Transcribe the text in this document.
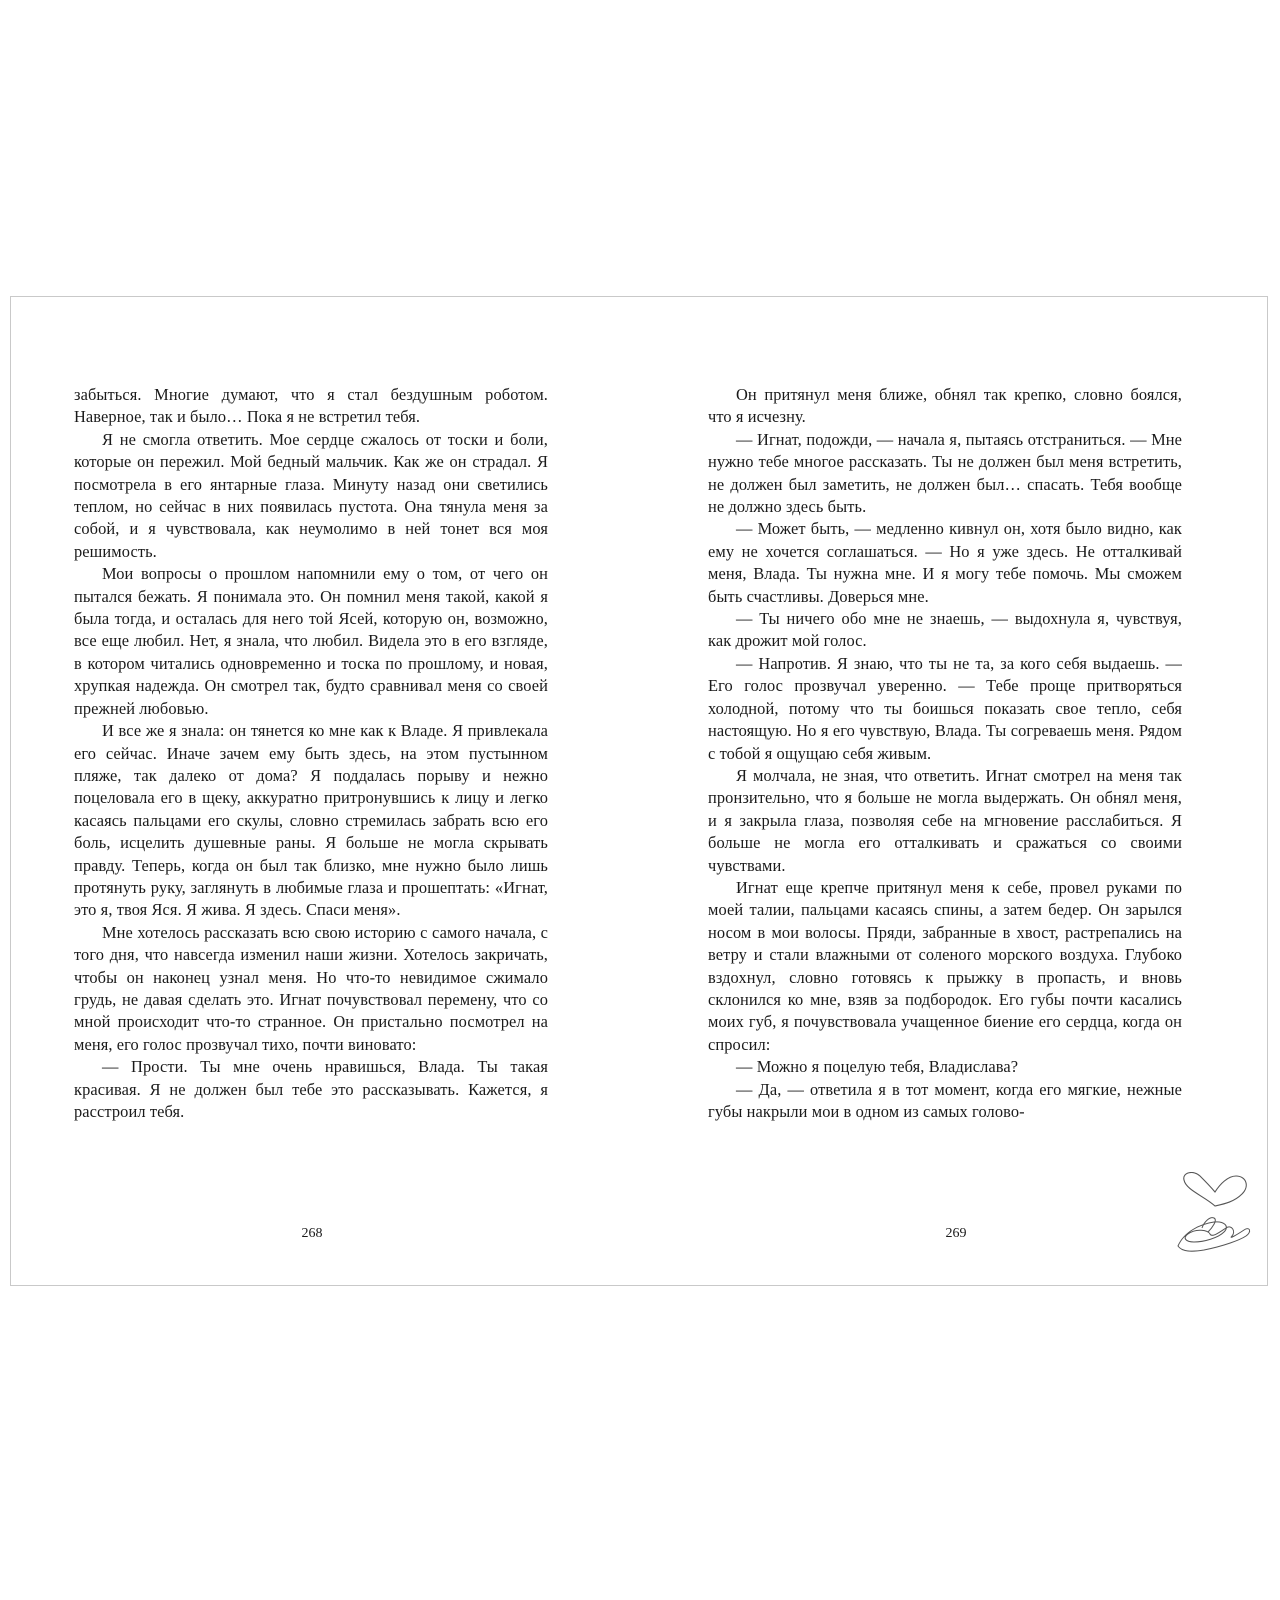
забыться. Многие думают, что я стал бездушным роботом. Наверное, так и было… Пока я не встретил тебя.

Я не смогла ответить. Мое сердце сжалось от тоски и боли, которые он пережил. Мой бедный мальчик. Как же он страдал. Я посмотрела в его янтарные глаза. Минуту назад они светились теплом, но сейчас в них появилась пустота. Она тянула меня за собой, и я чувствовала, как неумолимо в ней тонет вся моя решимость.

Мои вопросы о прошлом напомнили ему о том, от чего он пытался бежать. Я понимала это. Он помнил меня такой, какой я была тогда, и осталась для него той Ясей, которую он, возможно, все еще любил. Нет, я знала, что любил. Видела это в его взгляде, в котором читались одновременно и тоска по прошлому, и новая, хрупкая надежда. Он смотрел так, будто сравнивал меня со своей прежней любовью.

И все же я знала: он тянется ко мне как к Владе. Я привлекала его сейчас. Иначе зачем ему быть здесь, на этом пустынном пляже, так далеко от дома? Я поддалась порыву и нежно поцеловала его в щеку, аккуратно притронувшись к лицу и легко касаясь пальцами его скулы, словно стремилась забрать всю его боль, исцелить душевные раны. Я больше не могла скрывать правду. Теперь, когда он был так близко, мне нужно было лишь протянуть руку, заглянуть в любимые глаза и прошептать: «Игнат, это я, твоя Яся. Я жива. Я здесь. Спаси меня».

Мне хотелось рассказать всю свою историю с самого начала, с того дня, что навсегда изменил наши жизни. Хотелось закричать, чтобы он наконец узнал меня. Но что-то невидимое сжимало грудь, не давая сделать это. Игнат почувствовал перемену, что со мной происходит что-то странное. Он пристально посмотрел на меня, его голос прозвучал тихо, почти виновато:

— Прости. Ты мне очень нравишься, Влада. Ты такая красивая. Я не должен был тебе это рассказывать. Кажется, я расстроил тебя.

268

Он притянул меня ближе, обнял так крепко, словно боялся, что я исчезну.

— Игнат, подожди, — начала я, пытаясь отстраниться. — Мне нужно тебе многое рассказать. Ты не должен был меня встретить, не должен был заметить, не должен был… спасать. Тебя вообще не должно здесь быть.

— Может быть, — медленно кивнул он, хотя было видно, как ему не хочется соглашаться. — Но я уже здесь. Не отталкивай меня, Влада. Ты нужна мне. И я могу тебе помочь. Мы сможем быть счастливы. Доверься мне.

— Ты ничего обо мне не знаешь, — выдохнула я, чувствуя, как дрожит мой голос.

— Напротив. Я знаю, что ты не та, за кого себя выдаешь. — Его голос прозвучал уверенно. — Тебе проще притворяться холодной, потому что ты боишься показать свое тепло, себя настоящую. Но я его чувствую, Влада. Ты согреваешь меня. Рядом с тобой я ощущаю себя живым.

Я молчала, не зная, что ответить. Игнат смотрел на меня так пронзительно, что я больше не могла выдержать. Он обнял меня, и я закрыла глаза, позволяя себе на мгновение расслабиться. Я больше не могла его отталкивать и сражаться со своими чувствами.

Игнат еще крепче притянул меня к себе, провел руками по моей талии, пальцами касаясь спины, а затем бедер. Он зарылся носом в мои волосы. Пряди, забранные в хвост, растрепались на ветру и стали влажными от соленого морского воздуха. Глубоко вздохнул, словно готовясь к прыжку в пропасть, и вновь склонился ко мне, взяв за подбородок. Его губы почти касались моих губ, я почувствовала учащенное биение его сердца, когда он спросил:

— Можно я поцелую тебя, Владислава?

— Да, — ответила я в тот момент, когда его мягкие, нежные губы накрыли мои в одном из самых голово-

269
